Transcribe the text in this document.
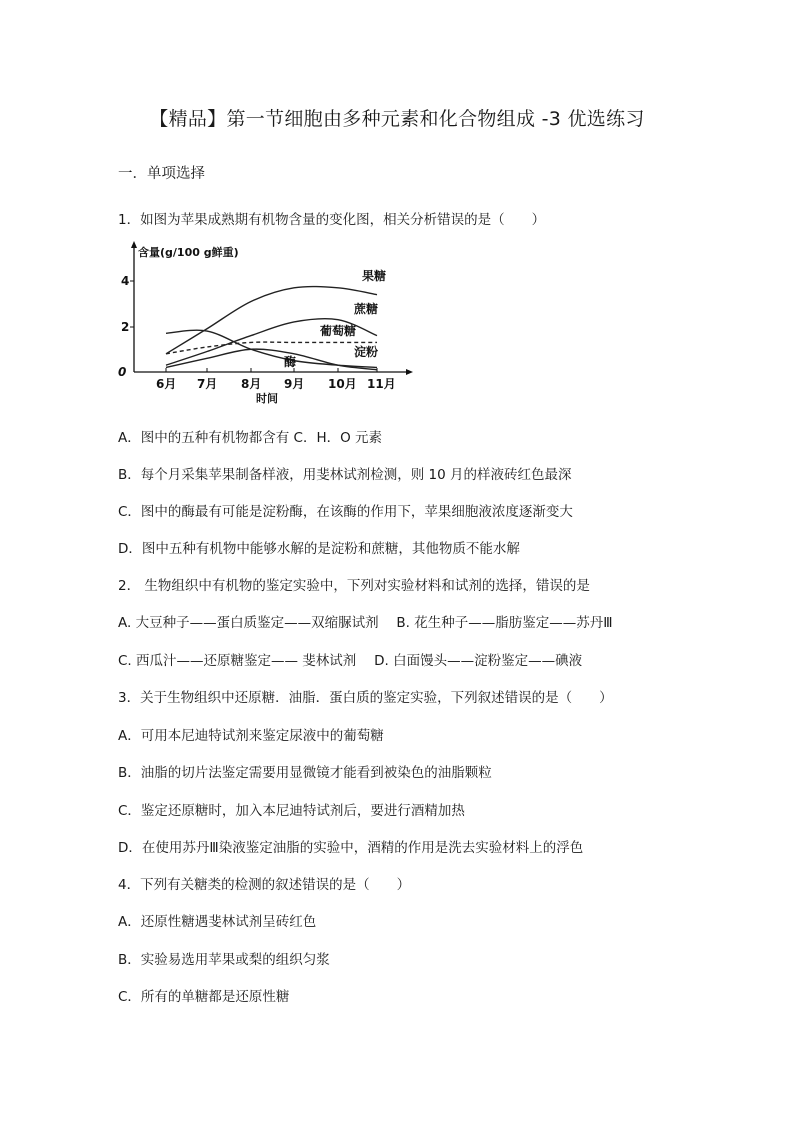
【精品】第一节细胞由多种元素和化合物组成 -3 优选练习
一．单项选择
1．如图为苹果成熟期有机物含量的变化图，相关分析错误的是（　　）
含量(g/100 g鲜重)
时间
0
2
4
6月 7月 8月 9月 10月 11月
果糖
蔗糖
葡萄糖
淀粉
酶
A．图中的五种有机物都含有 C．H．O 元素
B．每个月采集苹果制备样液，用斐林试剂检测，则 10 月的样液砖红色最深
C．图中的酶最有可能是淀粉酶，在该酶的作用下，苹果细胞液浓度逐渐变大
D．图中五种有机物中能够水解的是淀粉和蔗糖，其他物质不能水解
2． 生物组织中有机物的鉴定实验中，下列对实验材料和试剂的选择，错误的是
A. 大豆种子——蛋白质鉴定——双缩脲试剂　 B. 花生种子——脂肪鉴定——苏丹Ⅲ
C. 西瓜汁——还原糖鉴定—— 斐林试剂　 D. 白面馒头——淀粉鉴定——碘液
3．关于生物组织中还原糖．油脂．蛋白质的鉴定实验，下列叙述错误的是（　　）
A．可用本尼迪特试剂来鉴定尿液中的葡萄糖
B．油脂的切片法鉴定需要用显微镜才能看到被染色的油脂颗粒
C．鉴定还原糖时，加入本尼迪特试剂后，要进行酒精加热
D．在使用苏丹Ⅲ染液鉴定油脂的实验中，酒精的作用是洗去实验材料上的浮色
4．下列有关糖类的检测的叙述错误的是（　　）
A．还原性糖遇斐林试剂呈砖红色
B．实验易选用苹果或梨的组织匀浆
C．所有的单糖都是还原性糖
